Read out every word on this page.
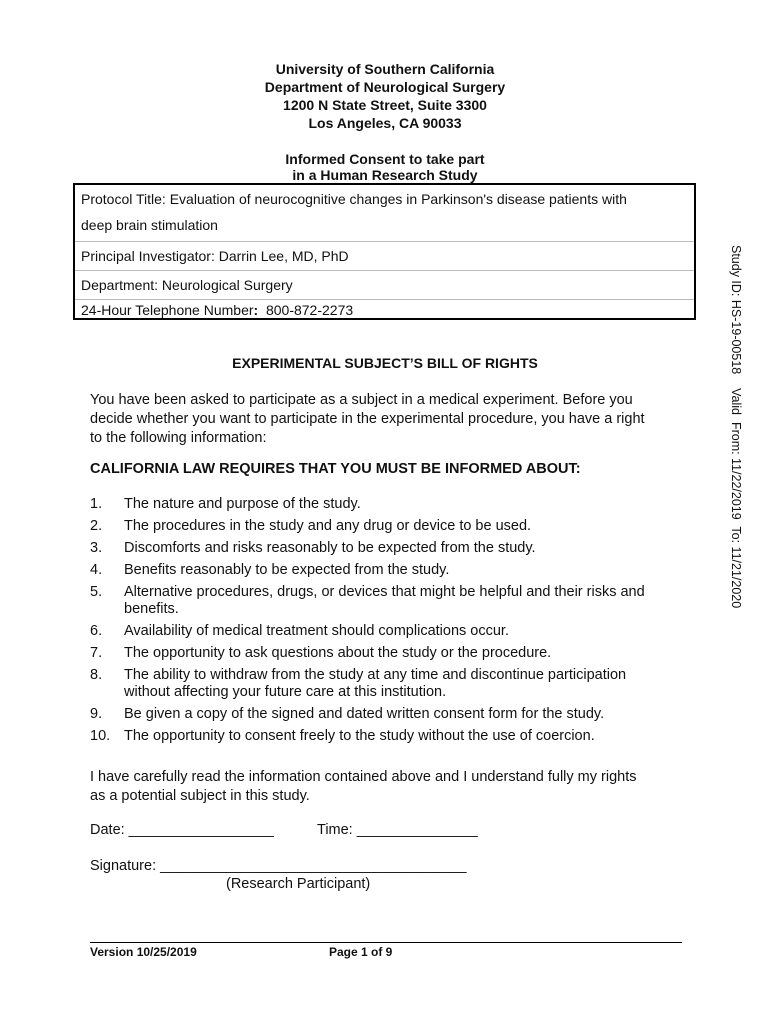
University of Southern California
Department of Neurological Surgery
1200 N State Street, Suite 3300
Los Angeles, CA 90033
Informed Consent to take part
in a Human Research Study
Protocol Title: Evaluation of neurocognitive changes in Parkinson's disease patients with
deep brain stimulation
Principal Investigator: Darrin Lee, MD, PhD
Department: Neurological Surgery
24-Hour Telephone Number:  800-872-2273	Study ID: HS-19-00518    Valid  From: 11/22/2019  To: 11/21/2020
EXPERIMENTAL SUBJECT’S BILL OF RIGHTS
You have been asked to participate as a subject in a medical experiment. Before you
decide whether you want to participate in the experimental procedure, you have a right
to the following information:
CALIFORNIA LAW REQUIRES THAT YOU MUST BE INFORMED ABOUT:
1. The nature and purpose of the study.
2. The procedures in the study and any drug or device to be used.
3. Discomforts and risks reasonably to be expected from the study.
4. Benefits reasonably to be expected from the study.
5. Alternative procedures, drugs, or devices that might be helpful and their risks and
benefits.
6. Availability of medical treatment should complications occur.
7. The opportunity to ask questions about the study or the procedure.
8. The ability to withdraw from the study at any time and discontinue participation
without affecting your future care at this institution.
9. Be given a copy of the signed and dated written consent form for the study.
10. The opportunity to consent freely to the study without the use of coercion.
I have carefully read the information contained above and I understand fully my rights
as a potential subject in this study.
Date: __________________	Time: _______________
Signature: ______________________________________
(Research Participant)
Version 10/25/2019	Page 1 of 9
